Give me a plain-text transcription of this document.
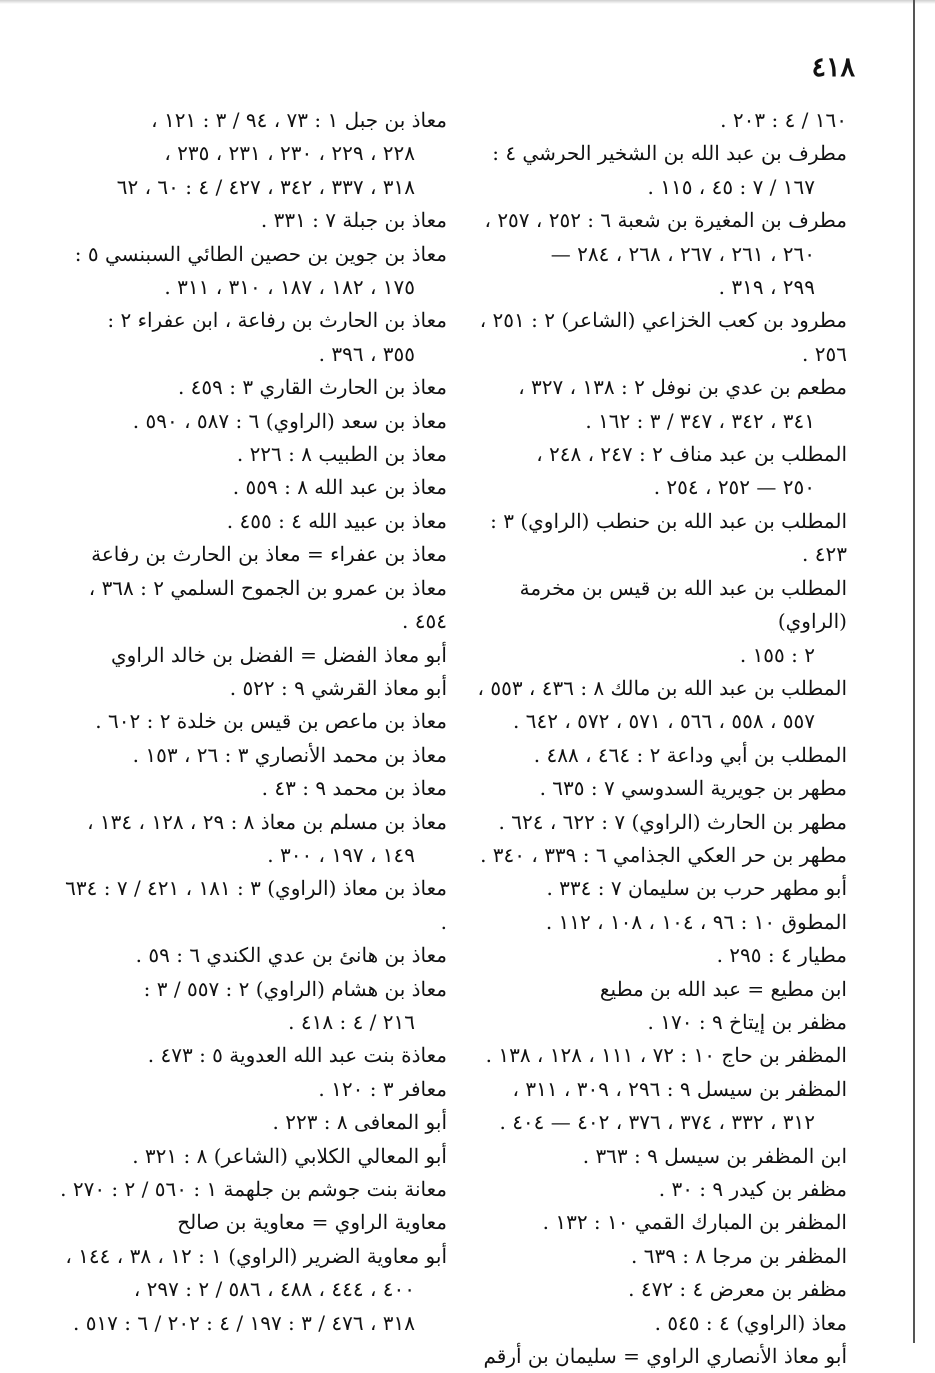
٤١٨
١٦٠ / ٤ : ٢٠٣ .
مطرف بن عبد الله بن الشخير الحرشي ٤ :
١٦٧ / ٧ : ٤٥ ، ١١٥ .
مطرف بن المغيرة بن شعبة ٦ : ٢٥٢ ، ٢٥٧ ،
٢٦٠ ، ٢٦١ ، ٢٦٧ ، ٢٦٨ ، ٢٨٤ —
٢٩٩ ، ٣١٩ .
مطرود بن كعب الخزاعي (الشاعر) ٢ : ٢٥١ ، ٢٥٦ .
مطعم بن عدي بن نوفل ٢ : ١٣٨ ، ٣٢٧ ،
٣٤١ ، ٣٤٢ ، ٣٤٧ / ٣ : ١٦٢ .
المطلب بن عبد مناف ٢ : ٢٤٧ ، ٢٤٨ ،
٢٥٠ — ٢٥٢ ، ٢٥٤ .
المطلب بن عبد الله بن حنطب (الراوي) ٣ : ٤٢٣ .
المطلب بن عبد الله بن قيس بن مخرمة (الراوي)
٢ : ١٥٥ .
المطلب بن عبد الله بن مالك ٨ : ٤٣٦ ، ٥٥٣ ،
٥٥٧ ، ٥٥٨ ، ٥٦٦ ، ٥٧١ ، ٥٧٢ ، ٦٤٢ .
المطلب بن أبي وداعة ٢ : ٤٦٤ ، ٤٨٨ .
مطهر بن جويرية السدوسي ٧ : ٦٣٥ .
مطهر بن الحارث (الراوي) ٧ : ٦٢٢ ، ٦٢٤ .
مطهر بن حر العكي الجذامي ٦ : ٣٣٩ ، ٣٤٠ .
أبو مطهر حرب بن سليمان ٧ : ٣٣٤ .
المطوق ١٠ : ٩٦ ، ١٠٤ ، ١٠٨ ، ١١٢ .
مطيار ٤ : ٢٩٥ .
ابن مطيع = عبد الله بن مطيع
مظفر بن إيتاخ ٩ : ١٧٠ .
المظفر بن حاج ١٠ : ٧٢ ، ١١١ ، ١٢٨ ، ١٣٨ .
المظفر بن سيسل ٩ : ٢٩٦ ، ٣٠٩ ، ٣١١ ،
٣١٢ ، ٣٣٢ ، ٣٧٤ ، ٣٧٦ ، ٤٠٢ — ٤٠٤ .
ابن المظفر بن سيسل ٩ : ٣٦٣ .
مظفر بن كيدر ٩ : ٣٠ .
المظفر بن المبارك القمي ١٠ : ١٣٢ .
المظفر بن مرجا ٨ : ٦٣٩ .
مظفر بن معرض ٤ : ٤٧٢ .
معاذ (الراوي) ٤ : ٥٤٥ .
أبو معاذ الأنصاري الراوي = سليمان بن أرقم
معاذ بن جبل ١ : ٧٣ ، ٩٤ / ٣ : ١٢١ ،
٢٢٨ ، ٢٢٩ ، ٢٣٠ ، ٢٣١ ، ٢٣٥ ،
٣١٨ ، ٣٣٧ ، ٣٤٢ ، ٤٢٧ / ٤ : ٦٠ ، ٦٢
معاذ بن جبلة ٧ : ٣٣١ .
معاذ بن جوين بن حصين الطائي السبنسي ٥ :
١٧٥ ، ١٨٢ ، ١٨٧ ، ٣١٠ ، ٣١١ .
معاذ بن الحارث بن رفاعة ، ابن عفراء ٢ :
٣٥٥ ، ٣٩٦ .
معاذ بن الحارث القاري ٣ : ٤٥٩ .
معاذ بن سعد (الراوي) ٦ : ٥٨٧ ، ٥٩٠ .
معاذ بن الطبيب ٨ : ٢٢٦ .
معاذ بن عبد الله ٨ : ٥٥٩ .
معاذ بن عبيد الله ٤ : ٤٥٥ .
معاذ بن عفراء = معاذ بن الحارث بن رفاعة
معاذ بن عمرو بن الجموح السلمي ٢ : ٣٦٨ ، ٤٥٤ .
أبو معاذ الفضل = الفضل بن خالد الراوي
أبو معاذ القرشي ٩ : ٥٢٢ .
معاذ بن ماعص بن قيس بن خلدة ٢ : ٦٠٢ .
معاذ بن محمد الأنصاري ٣ : ٢٦ ، ١٥٣ .
معاذ بن محمد ٩ : ٤٣ .
معاذ بن مسلم بن معاذ ٨ : ٢٩ ، ١٢٨ ، ١٣٤ ،
١٤٩ ، ١٩٧ ، ٣٠٠ .
معاذ بن معاذ (الراوي) ٣ : ١٨١ ، ٤٢١ / ٧ : ٦٣٤ .
معاذ بن هانئ بن عدي الكندي ٦ : ٥٩ .
معاذ بن هشام (الراوي) ٢ : ٥٥٧ / ٣ :
٢١٦ / ٤ : ٤١٨ .
معاذة بنت عبد الله العدوية ٥ : ٤٧٣ .
معافر ٣ : ١٢٠ .
أبو المعافى ٨ : ٢٢٣ .
أبو المعالي الكلابي (الشاعر) ٨ : ٣٢١ .
معانة بنت جوشم بن جلهمة ١ : ٥٦٠ / ٢ : ٢٧٠ .
معاوية الراوي = معاوية بن صالح
أبو معاوية الضرير (الراوي) ١ : ١٢ ، ٣٨ ، ١٤٤ ،
٤٠٠ ، ٤٤٤ ، ٤٨٨ ، ٥٨٦ / ٢ : ٢٩٧ ،
٣١٨ ، ٤٧٦ / ٣ : ١٩٧ / ٤ : ٢٠٢ / ٦ : ٥١٧ .
